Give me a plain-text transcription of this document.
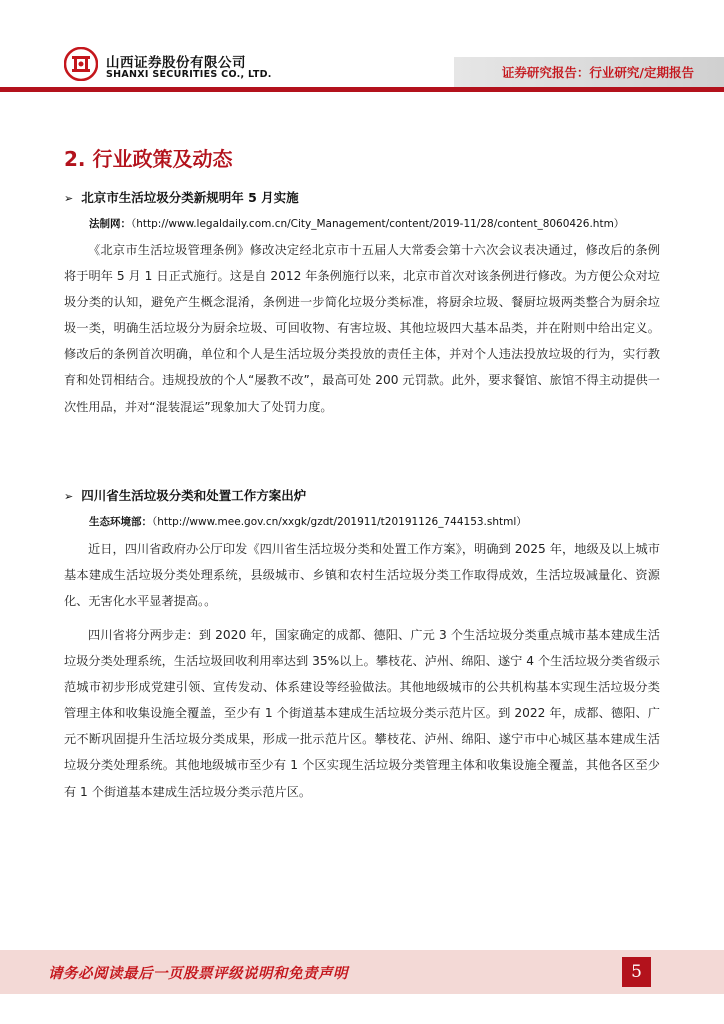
山西证券股份有限公司
SHANXI SECURITIES CO., LTD.	证券研究报告：行业研究/定期报告
2. 行业政策及动态
➢ 北京市生活垃圾分类新规明年 5 月实施
法制网：（http://www.legaldaily.com.cn/City_Management/content/2019-11/28/content_8060426.htm）

《北京市生活垃圾管理条例》修改决定经北京市十五届人大常委会第十六次会议表决通过，修改后的条例将于明年 5 月 1 日正式施行。这是自 2012 年条例施行以来，北京市首次对该条例进行修改。为方便公众对垃圾分类的认知，避免产生概念混淆，条例进一步简化垃圾分类标准，将厨余垃圾、餐厨垃圾两类整合为厨余垃圾一类，明确生活垃圾分为厨余垃圾、可回收物、有害垃圾、其他垃圾四大基本品类，并在附则中给出定义。修改后的条例首次明确，单位和个人是生活垃圾分类投放的责任主体，并对个人违法投放垃圾的行为，实行教育和处罚相结合。违规投放的个人“屡教不改”，最高可处 200 元罚款。此外，要求餐馆、旅馆不得主动提供一次性用品，并对“混装混运”现象加大了处罚力度。

➢ 四川省生活垃圾分类和处置工作方案出炉
生态环境部：（http://www.mee.gov.cn/xxgk/gzdt/201911/t20191126_744153.shtml）

近日，四川省政府办公厅印发《四川省生活垃圾分类和处置工作方案》，明确到 2025 年，地级及以上城市基本建成生活垃圾分类处理系统，县级城市、乡镇和农村生活垃圾分类工作取得成效，生活垃圾减量化、资源化、无害化水平显著提高。。

四川省将分两步走：到 2020 年，国家确定的成都、德阳、广元 3 个生活垃圾分类重点城市基本建成生活垃圾分类处理系统，生活垃圾回收利用率达到 35%以上。攀枝花、泸州、绵阳、遂宁 4 个生活垃圾分类省级示范城市初步形成党建引领、宣传发动、体系建设等经验做法。其他地级城市的公共机构基本实现生活垃圾分类管理主体和收集设施全覆盖，至少有 1 个街道基本建成生活垃圾分类示范片区。到 2022 年，成都、德阳、广元不断巩固提升生活垃圾分类成果，形成一批示范片区。攀枝花、泸州、绵阳、遂宁市中心城区基本建成生活垃圾分类处理系统。其他地级城市至少有 1 个区实现生活垃圾分类管理主体和收集设施全覆盖，其他各区至少有 1 个街道基本建成生活垃圾分类示范片区。

请务必阅读最后一页股票评级说明和免责声明	5
